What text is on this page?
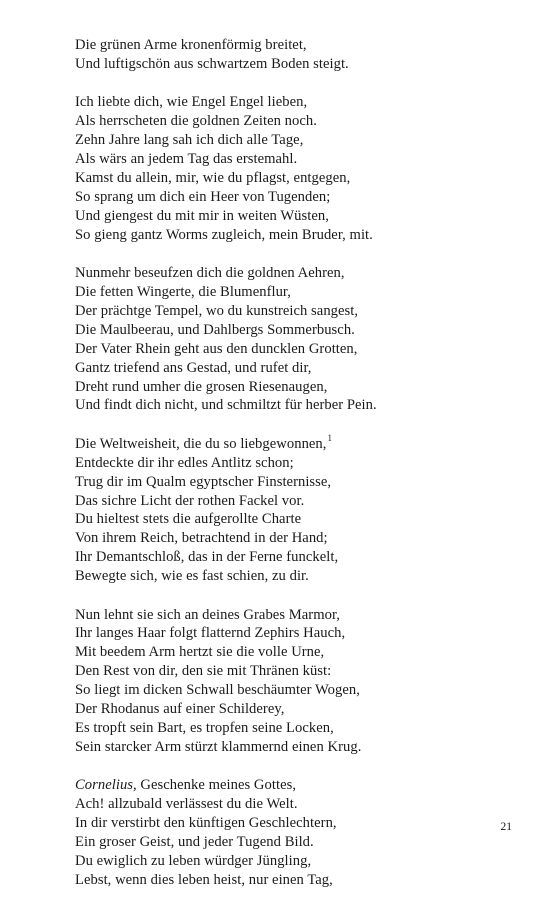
Die grünen Arme kronenförmig breitet,
Und luftigschön aus schwartzem Boden steigt.
Ich liebte dich, wie Engel Engel lieben,
Als herrscheten die goldnen Zeiten noch.
Zehn Jahre lang sah ich dich alle Tage,
Als wärs an jedem Tag das erstemahl.
Kamst du allein, mir, wie du pflagst, entgegen,
So sprang um dich ein Heer von Tugenden;
Und giengest du mit mir in weiten Wüsten,
So gieng gantz Worms zugleich, mein Bruder, mit.
Nunmehr beseufzen dich die goldnen Aehren,
Die fetten Wingerte, die Blumenflur,
Der prächtge Tempel, wo du kunstreich sangest,
Die Maulbeerau, und Dahlbergs Sommerbusch.
Der Vater Rhein geht aus den duncklen Grotten,
Gantz triefend ans Gestad, und rufet dir,
Dreht rund umher die grosen Riesenaugen,
Und findt dich nicht, und schmiltzt für herber Pein.
Die Weltweisheit, die du so liebgewonnen,$^1$
Entdeckte dir ihr edles Antlitz schon;
Trug dir im Qualm egyptscher Finsternisse,
Das sichre Licht der rothen Fackel vor.
Du hieltest stets die aufgerollte Charte
Von ihrem Reich, betrachtend in der Hand;
Ihr Demantschloß, das in der Ferne funckelt,
Bewegte sich, wie es fast schien, zu dir.
Nun lehnt sie sich an deines Grabes Marmor,
Ihr langes Haar folgt flatternd Zephirs Hauch,
Mit beedem Arm hertzt sie die volle Urne,
Den Rest von dir, den sie mit Thränen küst:
So liegt im dicken Schwall beschäumter Wogen,
Der Rhodanus auf einer Schilderey,
Es tropft sein Bart, es tropfen seine Locken,
Sein starcker Arm stürzt klammernd einen Krug.
Cornelius, Geschenke meines Gottes,
Ach! allzubald verlässest du die Welt.
In dir verstirbt den künftigen Geschlechtern,
Ein groser Geist, und jeder Tugend Bild.
Du ewiglich zu leben würdger Jüngling,
Lebst, wenn dies leben heist, nur einen Tag,
21
